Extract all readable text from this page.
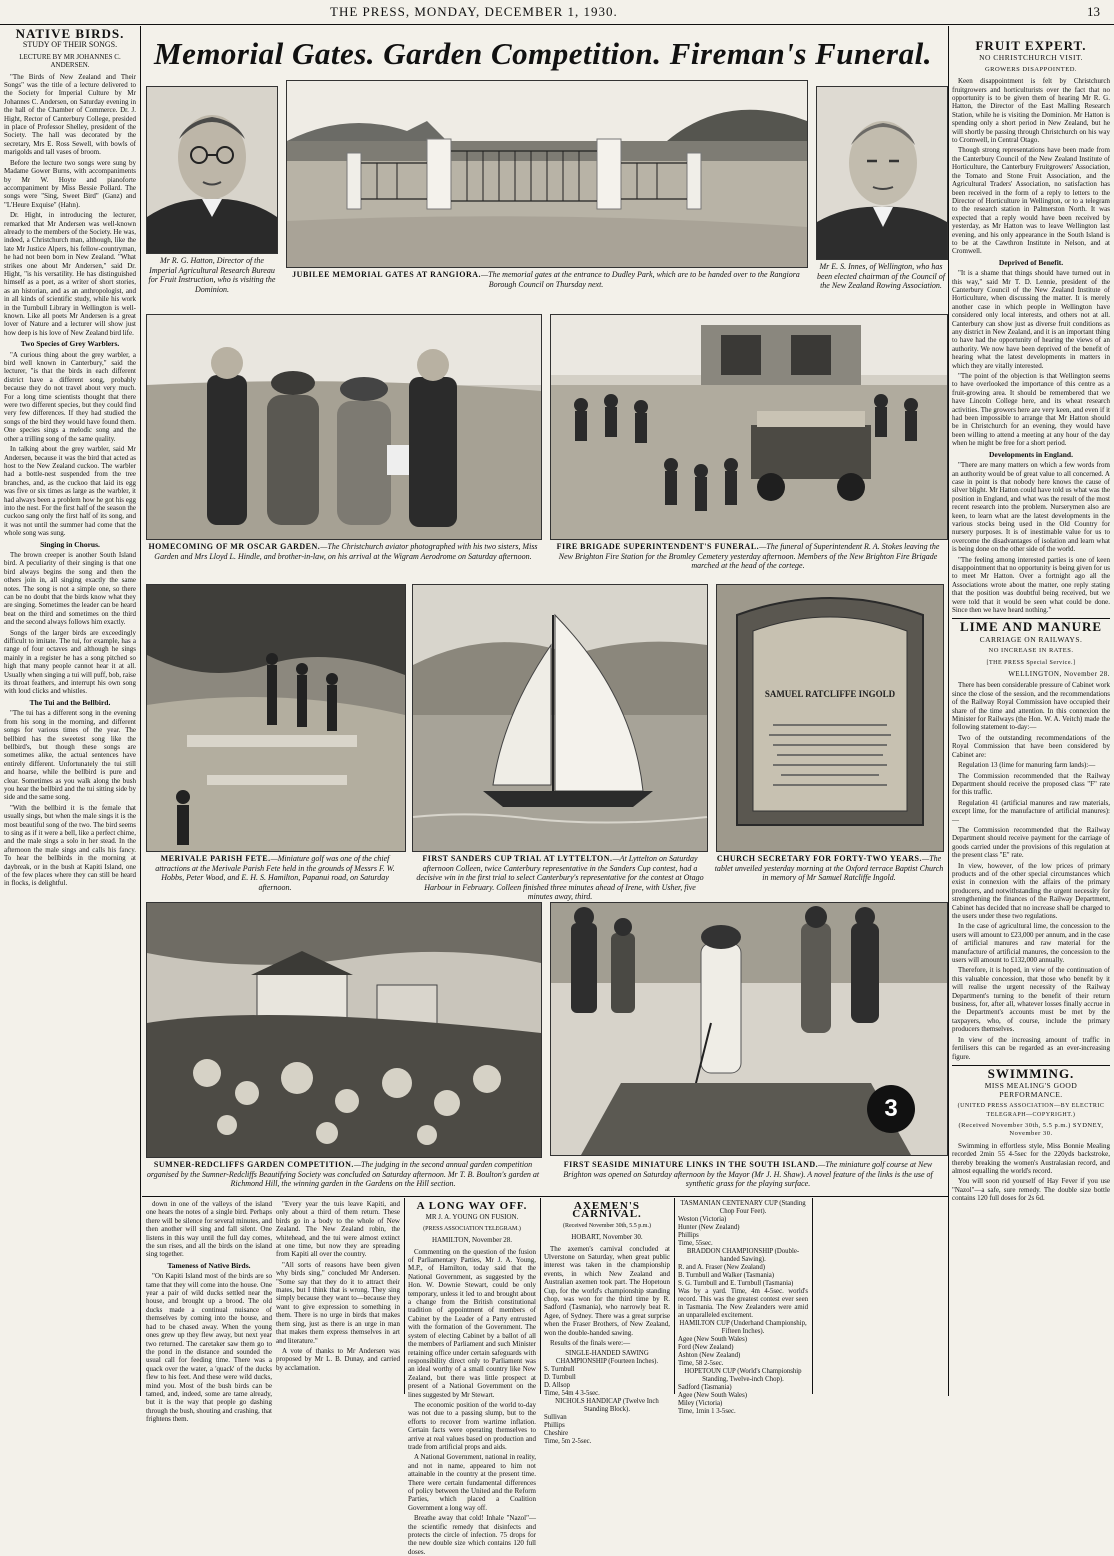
THE PRESS, MONDAY, DECEMBER 1, 1930.	13
NATIVE BIRDS.
STUDY OF THEIR SONGS.
LECTURE BY MR JOHANNES C. ANDERSEN.

"The Birds of New Zealand and Their Songs" was the title of a lecture delivered to the Society for Imperial Culture by Mr Johannes C. Andersen, on Saturday evening in the hall of the Chamber of Commerce. Dr. J. Hight, Rector of Canterbury College, presided in place of Professor Shelley, president of the Society. The hall was decorated by the secretary, Mrs E. Ross Sewell, with bowls of marigolds and tall vases of broom.

Before the lecture two songs were sung by Madame Gower Burns, with accompaniments by Mr W. Hoyte and pianoforte accompaniment by Miss Bessie Pollard. The songs were "Sing, Sweet Bird" (Ganz) and "L'Heure Exquise" (Hahn).

Dr. Hight, in introducing the lecturer, remarked that Mr Andersen was well-known already to the members of the Society. He was, indeed, a Christchurch man, although, like the late Mr Justice Alpers, his fellow-countryman, he had not been born in New Zealand. "What strikes one about Mr Andersen," said Dr. Hight, "is his versatility. He has distinguished himself as a poet, as a writer of short stories, as an historian, and as an anthropologist, and in all kinds of scientific study, while his work in the Turnbull Library in Wellington is well-known. Like all poets Mr Andersen is a great lover of Nature and a lecturer will show just how deep is his love of New Zealand bird life.

Two Species of Grey Warblers.

"A curious thing about the grey warbler, a bird well known in Canterbury," said the lecturer, "is that the birds in each different district have a different song, probably because they do not travel about very much. For a long time scientists thought that there were two different species, but they could find very few differences. If they had studied the songs of the bird they would have found them. One species sings a melodic song and the other a trilling song of the same quality.

In talking about the grey warbler, said Mr Andersen, because it was the bird that acted as host to the New Zealand cuckoo. The warbler had a bottle-nest suspended from the tree branches, and, as the cuckoo that laid its egg was five or six times as large as the warbler, it had always been a problem how he got his egg into the nest. For the first half of the season the cuckoo sang only the first half of its song, and it was not until the summer had come that the whole song was sung.

Singing in Chorus.

The brown creeper is another South Island bird. A peculiarity of their singing is that one bird always begins the song and then the others join in, all singing exactly the same notes. The song is not a simple one, so there can be no doubt that the birds know what they are singing. Sometimes the leader can be heard beat on the third and sometimes on the third and the second always follows him exactly.

Songs of the larger birds are exceedingly difficult to imitate. The tui, for example, has a range of four octaves and although he sings mainly in a register he has a song pitched so high that many people cannot hear it at all. Usually when singing a tui will puff, bob, raise its throat feathers, and interrupt his own song with loud clicks and whistles.

The Tui and the Bellbird.

"The tui has a different song in the evening from his song in the morning, and different songs for various times of the year. The bellbird has the sweetest song like the bellbird's, but though these songs are sometimes alike, the actual sentences have entirely different. Unfortunately the tui still and hoarse, while the bellbird is pure and clear. Sometimes as you walk along the bush you hear the bellbird and the tui sitting side by side and the same song.

"With the bellbird it is the female that usually sings, but when the male sings it is the most beautiful song of the two. The bird seems to sing as if it were a bell, like a perfect chime, and the male sings a solo in her stead. In the afternoon the male sings and calls his fancy. To hear the bellbirds in the morning at daybreak, or in the bush at Kapiti Island, one of the few places where they can still be heard in flocks, is delightful.

Memorial Gates. Garden Competition. Fireman's Funeral.
Mr R. G. Hatton, Director of the Imperial Agricultural Research Bureau for Fruit Instruction, who is visiting the Dominion.
JUBILEE MEMORIAL GATES AT RANGIORA.—The memorial gates at the entrance to Dudley Park, which are to be handed over to the Rangiora Borough Council on Thursday next.
Mr E. S. Innes, of Wellington, who has been elected chairman of the Council of the New Zealand Rowing Association.
HOMECOMING OF MR OSCAR GARDEN.—The Christchurch aviator photographed with his two sisters, Miss Garden and Mrs Lloyd L. Hindle, and brother-in-law, on his arrival at the Wigram Aerodrome on Saturday afternoon.
FIRE BRIGADE SUPERINTENDENT'S FUNERAL.—The funeral of Superintendent R. A. Stokes leaving the New Brighton Fire Station for the Bromley Cemetery yesterday afternoon. Members of the New Brighton Fire Brigade marched at the head of the cortege.
MERIVALE PARISH FETE.—Miniature golf was one of the chief attractions at the Merivale Parish Fete held in the grounds of Messrs F. W. Hobbs, Peter Wood, and E. H. S. Hamilton, Papanui road, on Saturday afternoon.
FIRST SANDERS CUP TRIAL AT LYTTELTON.—At Lyttelton on Saturday afternoon Colleen, twice Canterbury representative in the Sanders Cup contest, had a decisive win in the first trial to select Canterbury's representative for the contest at Otago Harbour in February. Colleen finished three minutes ahead of Irene, with Usher, five minutes away, third.
SAMUEL RATCLIFFE INGOLD
CHURCH SECRETARY FOR FORTY-TWO YEARS.—The tablet unveiled yesterday morning at the Oxford terrace Baptist Church in memory of Mr Samuel Ratcliffe Ingold.
SUMNER-REDCLIFFS GARDEN COMPETITION.—The judging in the second annual garden competition organised by the Sumner-Redcliffs Beautifying Society was concluded on Saturday afternoon. Mr T. B. Boulton's garden at Richmond Hill, the winning garden in the Gardens on the Hill section.
3
FIRST SEASIDE MINIATURE LINKS IN THE SOUTH ISLAND.—The miniature golf course at New Brighton was opened on Saturday afternoon by the Mayor (Mr J. H. Shaw). A novel feature of the links is the use of synthetic grass for the playing surface.

down in one of the valleys of the island one hears the notes of a single bird. Perhaps there will be silence for several minutes, and then another will sing and fall silent. One listens in this way until the full day comes, the sun rises, and all the birds on the island sing together.

Tameness of Native Birds.

"On Kapiti Island most of the birds are so tame that they will come into the house. One year a pair of wild ducks settled near the house, and brought up a brood. The old ducks made a continual nuisance of themselves by coming into the house, and had to be chased away. When the young ones grew up they flew away, but next year two returned. The caretaker saw them go to the pond in the distance and sounded the usual call for feeding time. There was a quack over the water, a 'quack' of the ducks flew to his feet. And these were wild ducks, mind you. Most of the bush birds can be tamed, and, indeed, some are tame already, but it is the way that people go dashing through the bush, shouting and crashing, that frightens them.

"Every year the tuis leave Kapiti, and only about a third of them return. These birds go in a body to the whole of New Zealand. The New Zealand robin, the whitehead, and the tui were almost extinct at one time, but now they are spreading from Kapiti all over the country.

"All sorts of reasons have been given why birds sing," concluded Mr Andersen. "Some say that they do it to attract their mates, but I think that is wrong. They sing simply because they want to—because they want to give expression to something in them. There is no urge in birds that makes them sing, just as there is an urge in man that makes them express themselves in art and literature."

A vote of thanks to Mr Andersen was proposed by Mr L. B. Dunay, and carried by acclamation.

A LONG WAY OFF.
MR J. A. YOUNG ON FUSION.
(PRESS ASSOCIATION TELEGRAM.)
HAMILTON, November 28.

Commenting on the question of the fusion of Parliamentary Parties, Mr J. A. Young, M.P., of Hamilton, today said that the National Government, as suggested by the Hon. W. Downie Stewart, could be only temporary, unless it led to and brought about a change from the British constitutional tradition of appointment of members of Cabinet by the Leader of a Party entrusted with the formation of the Government. The system of electing Cabinet by a ballot of all the members of Parliament and such Minister retaining office under certain safeguards with responsibility direct only to Parliament was an ideal worthy of a small country like New Zealand, but there was little prospect at present of a National Government on the lines suggested by Mr Stewart.

The economic position of the world to-day was not due to a passing slump, but to the efforts to recover from wartime inflation. Certain facts were operating themselves to arrive at real values based on production and trade from artificial props and aids.

A National Government, national in reality, and not in name, appeared to him not attainable in the country at the present time. There were certain fundamental differences of policy between the United and the Reform Parties, which placed a Coalition Government a long way off.

Breathe away that cold! Inhale "Nazol"—the scientific remedy that disinfects and protects the circle of infection. 75 drops for the new double size which contains 120 full doses.

AXEMEN'S CARNIVAL.
(Received November 30th, 5.5 p.m.)
HOBART, November 30.

The axemen's carnival concluded at Ulverstone on Saturday, when great public interest was taken in the championship events, in which New Zealand and Australian axemen took part. The Hopetoun Cup, for the world's championship standing chop, was won for the third time by R. Sadford (Tasmania), who narrowly beat R. Agee, of Sydney. There was a great surprise when the Fraser Brothers, of New Zealand, won the double-handed sawing.

Results of the finals were:—

SINGLE-HANDED SAWING CHAMPIONSHIP (Fourteen Inches).
S. Turnbull
D. Turnbull
D. Allsop
Time, 54m 4 3-5sec.
NICHOLS HANDICAP (Twelve Inch Standing Block).
Sullivan
Phillips
Cheshire
Time, 5m 2-5sec.
TASMANIAN CENTENARY CUP (Standing Chop Four Feet).
Weston (Victoria)
Hunter (New Zealand)
Phillips
Time, 55sec.
BRADDON CHAMPIONSHIP (Double-handed Sawing).
R. and A. Fraser (New Zealand)
B. Turnbull and Walker (Tasmania)
S. G. Turnbull and E. Turnbull (Tasmania)
Was by a yard. Time, 4m 4-5sec. world's record. This was the greatest contest ever seen in Tasmania. The New Zealanders were amid an unparalleled excitement.
HAMILTON CUP (Underhand Championship, Fifteen Inches).
Agee (New South Wales)
Ford (New Zealand)
Ashton (New Zealand)
Time, 58 2-5sec.
HOPETOUN CUP (World's Championship Standing, Twelve-inch Chop).
Sadford (Tasmania)
Agee (New South Wales)
Miley (Victoria)
Time, 1min 1 3-5sec.
FRUIT EXPERT.
NO CHRISTCHURCH VISIT.
GROWERS DISAPPOINTED.

Keen disappointment is felt by Christchurch fruitgrowers and horticulturists over the fact that no opportunity is to be given them of hearing Mr R. G. Hatton, the Director of the East Malling Research Station, while he is visiting the Dominion. Mr Hatton is spending only a short period in New Zealand, but he will shortly be passing through Christchurch on his way to Cromwell, in Central Otago.

Though strong representations have been made from the Canterbury Council of the New Zealand Institute of Horticulture, the Canterbury Fruitgrowers' Association, the Tomato and Stone Fruit Association, and the Agricultural Traders' Association, no satisfaction has been received in the form of a reply to letters to the Director of Horticulture in Wellington, or to a telegram to the research station in Palmerston North. It was expected that a reply would have been received by yesterday, as Mr Hatton was to leave Wellington last evening, and his only appearance in the South Island is to be at the Cawthron Institute in Nelson, and at Cromwell.

Deprived of Benefit.

"It is a shame that things should have turned out in this way," said Mr T. D. Lennie, president of the Canterbury Council of the New Zealand Institute of Horticulture, when discussing the matter. It is merely another case in which people in Wellington have considered only local interests, and others not at all. Canterbury can show just as diverse fruit conditions as any district in New Zealand, and it is an important thing to have had the opportunity of hearing the views of an authority. We now have been deprived of the benefit of hearing what the latest developments in matters in which they are vitally interested.

"The point of the objection is that Wellington seems to have overlooked the importance of this centre as a fruit-growing area. It should be remembered that we have Lincoln College here, and its wheat research activities. The growers here are very keen, and even if it had been impossible to arrange that Mr Hatton should be in Christchurch for an evening, they would have been willing to attend a meeting at any hour of the day when he might be free for a short period.

Developments in England.

"There are many matters on which a few words from an authority would be of great value to all concerned. A case in point is that nobody here knows the cause of silver blight. Mr Hatton could have told us what was the position in England, and what was the result of the most recent research into the problem. Nurserymen also are keen, to learn what are the latest developments in the various stocks being used in the Old Country for nursery purposes. It is of inestimable value for us to overcome the disadvantages of isolation and learn what is being done on the other side of the world.

"The feeling among interested parties is one of keen disappointment that no opportunity is being given for us to meet Mr Hatton. Over a fortnight ago all the Associations wrote about the matter, one reply stating that the position was doubtful being received, but we were told that it would be seen what could be done. Since then we have heard nothing."

LIME AND MANURE
CARRIAGE ON RAILWAYS.
NO INCREASE IN RATES.
[THE PRESS Special Service.]
WELLINGTON, November 28.

There has been considerable pressure of Cabinet work since the close of the session, and the recommendations of the Railway Royal Commission have occupied their share of the time and attention. In this connexion the Minister for Railways (the Hon. W. A. Veitch) made the following statement to-day:—

Two of the outstanding recommendations of the Royal Commission that have been considered by Cabinet are:

Regulation 13 (lime for manuring farm lands):—

The Commission recommended that the Railway Department should receive the proposed class "F" rate for this traffic.

Regulation 41 (artificial manures and raw materials, except lime, for the manufacture of artificial manures):—

The Commission recommended that the Railway Department should receive payment for the carriage of goods carried under the provisions of this regulation at the present class "E" rate.

In view, however, of the low prices of primary products and of the other special circumstances which exist in connexion with the affairs of the primary producers, and notwithstanding the urgent necessity for strengthening the finances of the Railway Department, Cabinet has decided that no increase shall be charged to the users under these two regulations.

In the case of agricultural lime, the concession to the users will amount to £23,000 per annum, and in the case of artificial manures and raw material for the manufacture of artificial manures, the concession to the users will amount to £132,000 annually.

Therefore, it is hoped, in view of the continuation of this valuable concession, that those who benefit by it will realise the urgent necessity of the Railway Department's turning to the benefit of their return business, for, after all, whatever losses finally accrue in the Department's accounts must be met by the taxpayers, who, of course, include the primary producers themselves.

In view of the increasing amount of traffic in fertilisers this can be regarded as an ever-increasing figure.

SWIMMING.
MISS MEALING'S GOOD PERFORMANCE.
(UNITED PRESS ASSOCIATION—BY ELECTRIC TELEGRAPH—COPYRIGHT.)
(Received November 30th, 5.5 p.m.) SYDNEY, November 30.

Swimming in effortless style, Miss Bonnie Mealing recorded 2min 55 4-5sec for the 220yds backstroke, thereby breaking the women's Australasian record, and almost equalling the world's record.

You will soon rid yourself of Hay Fever if you use "Nazol"—a safe, sure remedy. The double size bottle contains 120 full doses for 2s 6d.
